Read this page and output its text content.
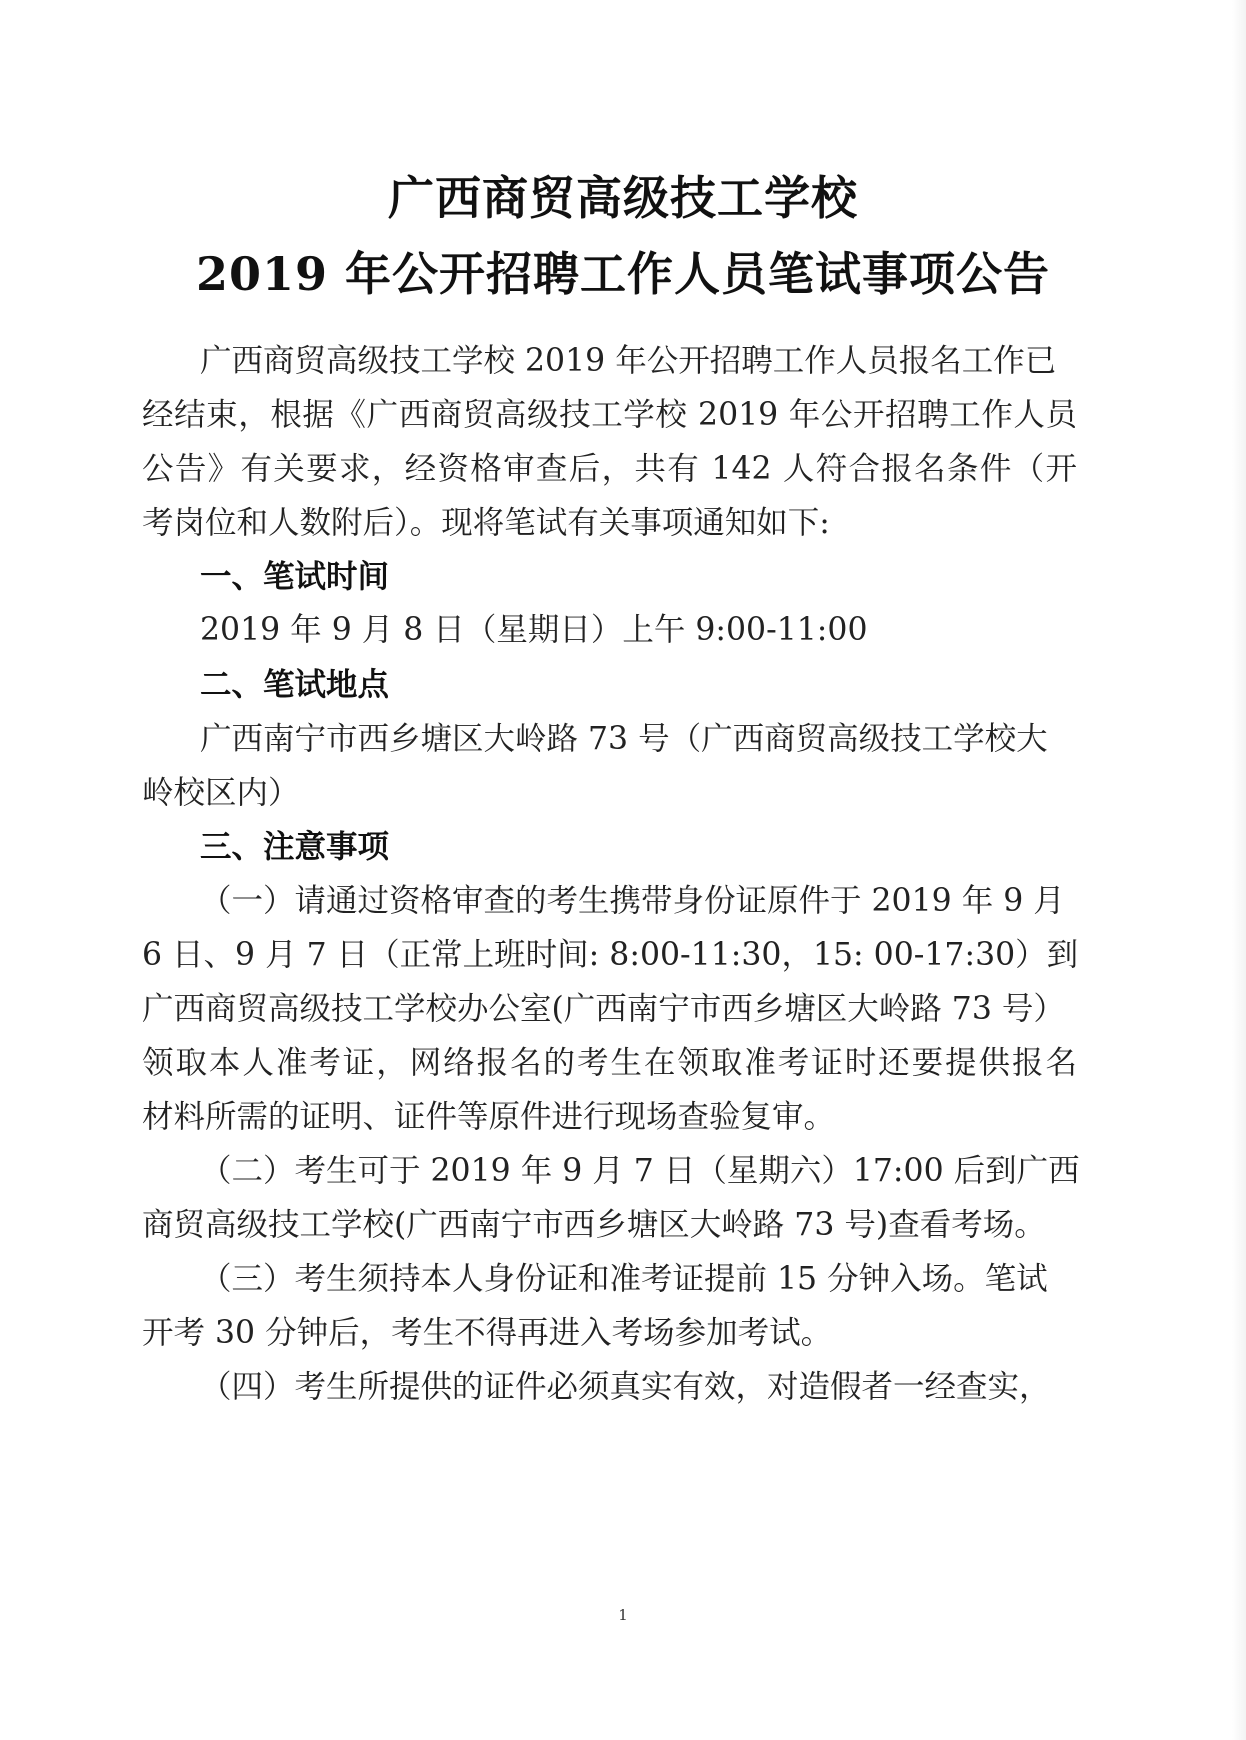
广西商贸高级技工学校
2019 年公开招聘工作人员笔试事项公告
广西商贸高级技工学校 2019 年公开招聘工作人员报名工作已
经结束，根据《广西商贸高级技工学校 2019 年公开招聘工作人员
公告》有关要求，经资格审查后，共有 142 人符合报名条件（开
考岗位和人数附后）。现将笔试有关事项通知如下:
一、笔试时间
2019 年 9 月 8 日（星期日）上午 9:00-11:00
二、笔试地点
广西南宁市西乡塘区大岭路 73 号（广西商贸高级技工学校大
岭校区内）
三、注意事项
（一）请通过资格审查的考生携带身份证原件于 2019 年 9 月
6 日、9 月 7 日（正常上班时间: 8:00-11:30，15: 00-17:30）到
广西商贸高级技工学校办公室(广西南宁市西乡塘区大岭路 73 号）
领取本人准考证，网络报名的考生在领取准考证时还要提供报名
材料所需的证明、证件等原件进行现场查验复审。
（二）考生可于 2019 年 9 月 7 日（星期六）17:00 后到广西
商贸高级技工学校(广西南宁市西乡塘区大岭路 73 号)查看考场。
（三）考生须持本人身份证和准考证提前 15 分钟入场。笔试
开考 30 分钟后，考生不得再进入考场参加考试。
（四）考生所提供的证件必须真实有效，对造假者一经查实，
1
